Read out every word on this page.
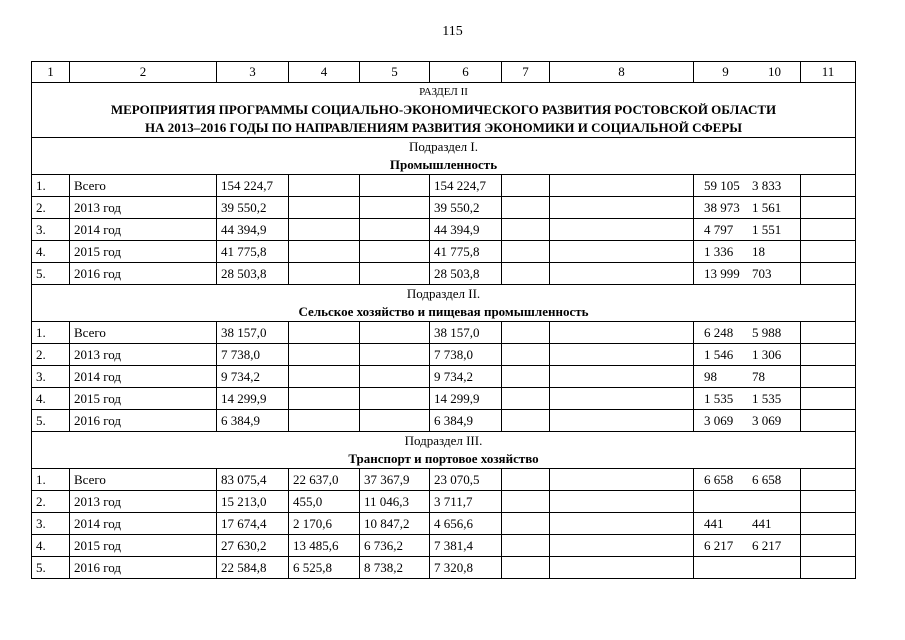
115
1	2	3	4	5	6	7	8	9 10	11

РАЗДЕЛ II
МЕРОПРИЯТИЯ ПРОГРАММЫ СОЦИАЛЬНО-ЭКОНОМИЧЕСКОГО РАЗВИТИЯ РОСТОВСКОЙ ОБЛАСТИ
НА 2013–2016 ГОДЫ ПО НАПРАВЛЕНИЯМ РАЗВИТИЯ ЭКОНОМИКИ И СОЦИАЛЬНОЙ СФЕРЫ									

Подраздел I.
Промышленность									

1.	Всего	154 224,7			154 224,7			59 105 3 833	

2.	2013 год	39 550,2			39 550,2			38 973 1 561	

3.	2014 год	44 394,9			44 394,9			4 797 1 551	

4.	2015 год	41 775,8			41 775,8			1 336 18	

5.	2016 год	28 503,8			28 503,8			13 999 703	

Подраздел II.
Сельское хозяйство и пищевая промышленность									

1.	Всего	38 157,0			38 157,0			6 248 5 988	

2.	2013 год	7 738,0			7 738,0			1 546 1 306	

3.	2014 год	9 734,2			9 734,2			98 78	

4.	2015 год	14 299,9			14 299,9			1 535 1 535	

5.	2016 год	6 384,9			6 384,9			3 069 3 069	

Подраздел III.
Транспорт и портовое хозяйство									

1.	Всего	83 075,4	22 637,0	37 367,9	23 070,5			6 658 6 658	

2.	2013 год	15 213,0	455,0	11 046,3	3 711,7			

3.	2014 год	17 674,4	2 170,6	10 847,2	4 656,6			441 441	

4.	2015 год	27 630,2	13 485,6	6 736,2	7 381,4			6 217 6 217	

5.	2016 год	22 584,8	6 525,8	8 738,2	7 320,8			
